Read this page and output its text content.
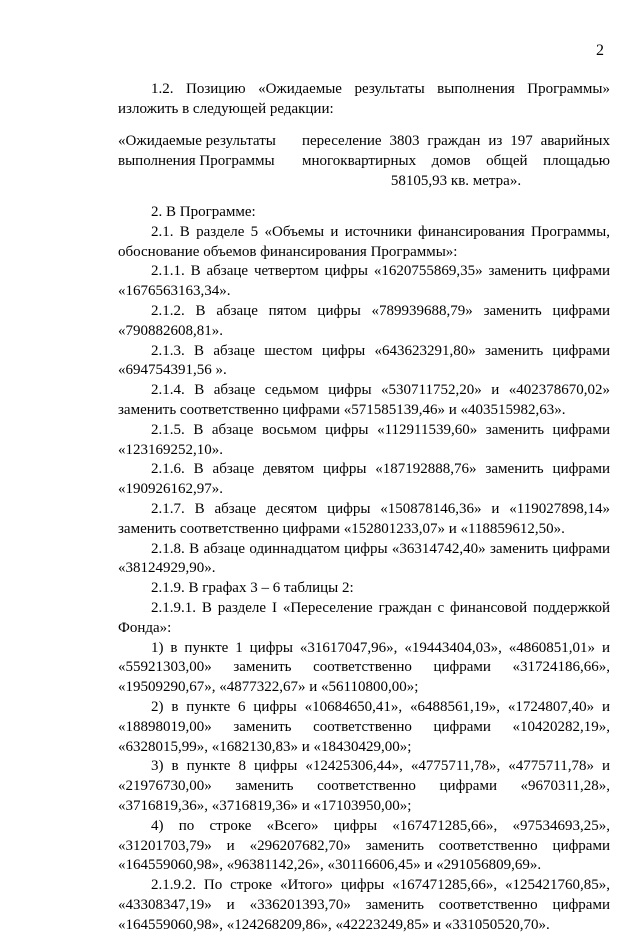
2

1.2. Позицию «Ожидаемые результаты выполнения Программы» изложить в следующей редакции:

«Ожидаемые результаты
выполнения Программы
переселение 3803 граждан из 197 аварийных
многоквартирных домов общей площадью
58105,93 кв. метра».

2. В Программе:

2.1. В разделе 5 «Объемы и источники финансирования Программы, обоснование объемов финансирования Программы»:

2.1.1. В абзаце четвертом цифры «1620755869,35» заменить цифрами «1676563163,34».

2.1.2. В абзаце пятом цифры «789939688,79» заменить цифрами «790882608,81».

2.1.3. В абзаце шестом цифры «643623291,80» заменить цифрами «694754391,56 ».

2.1.4. В абзаце седьмом цифры «530711752,20» и «402378670,02» заменить соответственно цифрами «571585139,46» и «403515982,63».

2.1.5. В абзаце восьмом цифры «112911539,60» заменить цифрами «123169252,10».

2.1.6. В абзаце девятом цифры «187192888,76» заменить цифрами «190926162,97».

2.1.7. В абзаце десятом цифры «150878146,36» и «119027898,14» заменить соответственно цифрами «152801233,07» и «118859612,50».

2.1.8. В абзаце одиннадцатом цифры «36314742,40» заменить цифрами «38124929,90».

2.1.9. В графах 3 – 6 таблицы 2:

2.1.9.1. В разделе I «Переселение граждан с финансовой поддержкой Фонда»:

1) в пункте 1 цифры «31617047,96», «19443404,03», «4860851,01» и «55921303,00» заменить соответственно цифрами «31724186,66», «19509290,67», «4877322,67» и «56110800,00»;

2) в пункте 6 цифры «10684650,41», «6488561,19», «1724807,40» и «18898019,00» заменить соответственно цифрами «10420282,19», «6328015,99», «1682130,83» и «18430429,00»;

3) в пункте 8 цифры «12425306,44», «4775711,78», «4775711,78» и «21976730,00» заменить соответственно цифрами «9670311,28», «3716819,36», «3716819,36» и «17103950,00»;

4) по строке «Всего» цифры «167471285,66», «97534693,25», «31201703,79» и «296207682,70» заменить соответственно цифрами «164559060,98», «96381142,26», «30116606,45» и «291056809,69».

2.1.9.2. По строке «Итого» цифры «167471285,66», «125421760,85», «43308347,19» и «336201393,70» заменить соответственно цифрами «164559060,98», «124268209,86», «42223249,85» и «331050520,70».
